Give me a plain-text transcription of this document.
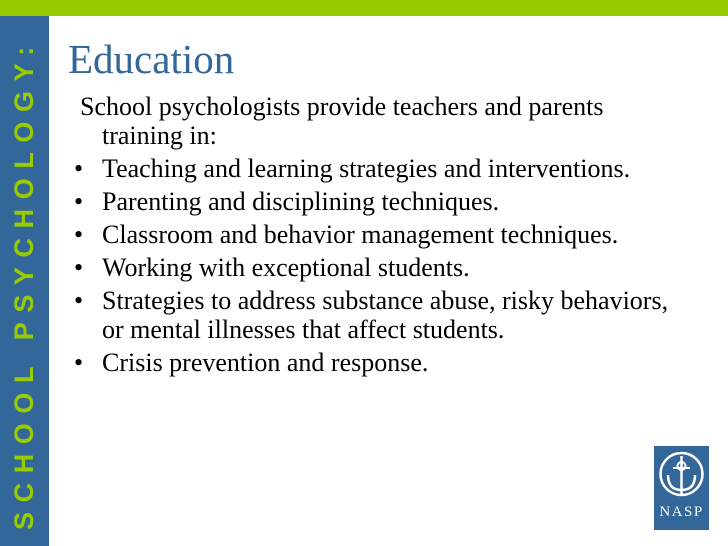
SCHOOL PSYCHOLOGY: Education

School psychologists provide teachers and parents training in:

• Teaching and learning strategies and interventions.
• Parenting and disciplining techniques.
• Classroom and behavior management techniques.
• Working with exceptional students.
• Strategies to address substance abuse, risky behaviors, or mental illnesses that affect students.
• Crisis prevention and response.
NASP
